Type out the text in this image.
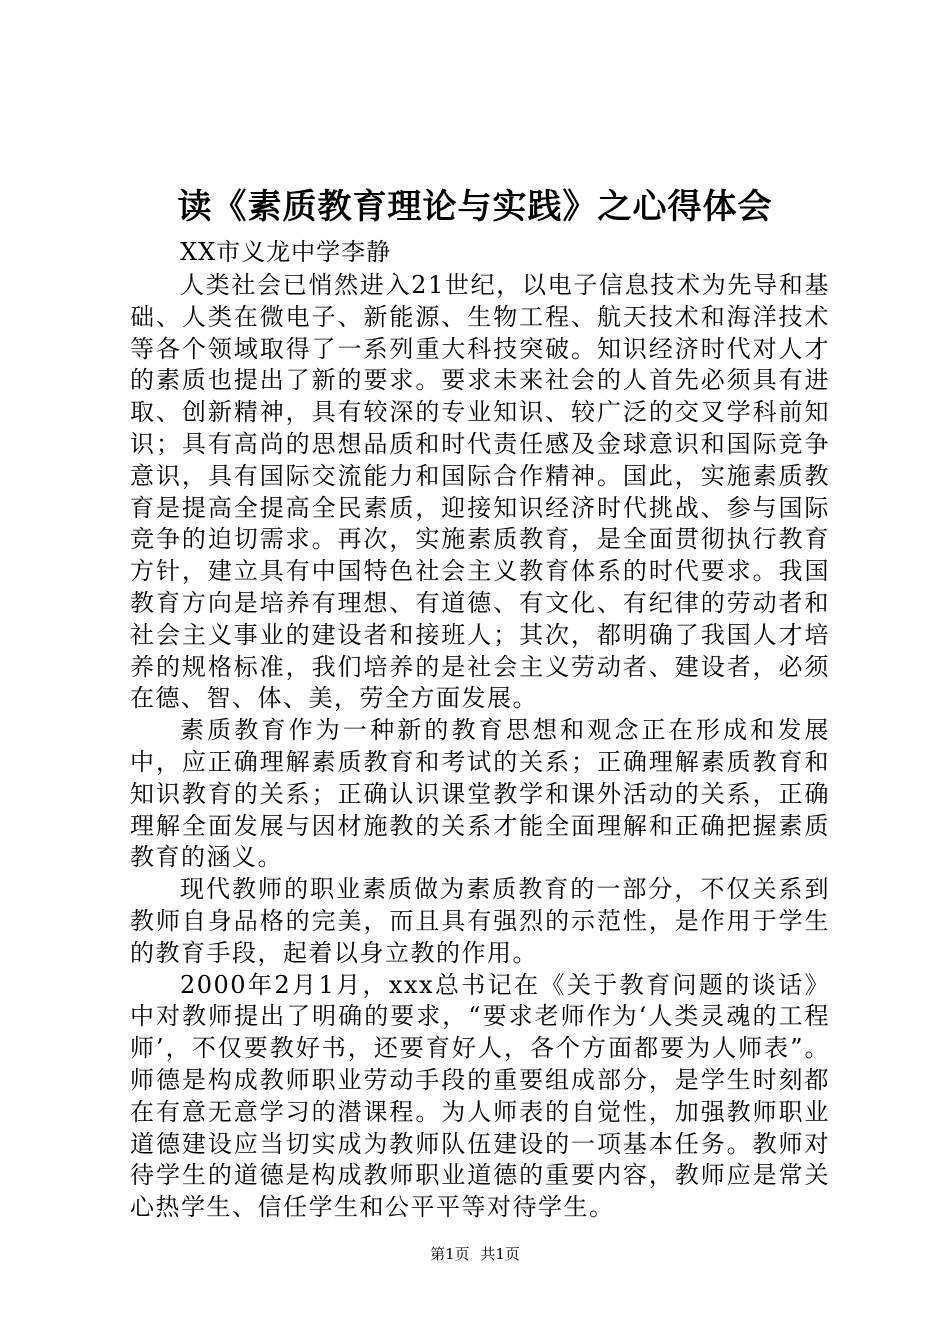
读《素质教育理论与实践》之心得体会

XX市义龙中学李静

人类社会已悄然进入21世纪，以电子信息技术为先导和基础、人类在微电子、新能源、生物工程、航天技术和海洋技术等各个领域取得了一系列重大科技突破。知识经济时代对人才的素质也提出了新的要求。要求未来社会的人首先必须具有进取、创新精神，具有较深的专业知识、较广泛的交叉学科前知识；具有高尚的思想品质和时代责任感及金球意识和国际竞争意识，具有国际交流能力和国际合作精神。国此，实施素质教育是提高全提高全民素质，迎接知识经济时代挑战、参与国际竞争的迫切需求。再次，实施素质教育，是全面贯彻执行教育方针，建立具有中国特色社会主义教育体系的时代要求。我国教育方向是培养有理想、有道德、有文化、有纪律的劳动者和社会主义事业的建设者和接班人；其次，都明确了我国人才培养的规格标准，我们培养的是社会主义劳动者、建设者，必须在德、智、体、美，劳全方面发展。

素质教育作为一种新的教育思想和观念正在形成和发展中，应正确理解素质教育和考试的关系；正确理解素质教育和知识教育的关系；正确认识课堂教学和课外活动的关系，正确理解全面发展与因材施教的关系才能全面理解和正确把握素质教育的涵义。

现代教师的职业素质做为素质教育的一部分，不仅关系到教师自身品格的完美，而且具有强烈的示范性，是作用于学生的教育手段，起着以身立教的作用。

2000年2月1月，xxx总书记在《关于教育问题的谈话》中对教师提出了明确的要求，“要求老师作为‘人类灵魂的工程师’，不仅要教好书，还要育好人，各个方面都要为人师表”。师德是构成教师职业劳动手段的重要组成部分，是学生时刻都在有意无意学习的潜课程。为人师表的自觉性，加强教师职业道德建设应当切实成为教师队伍建设的一项基本任务。教师对待学生的道德是构成教师职业道德的重要内容，教师应是常关心热学生、信任学生和公平平等对待学生。

第1页 共1页
